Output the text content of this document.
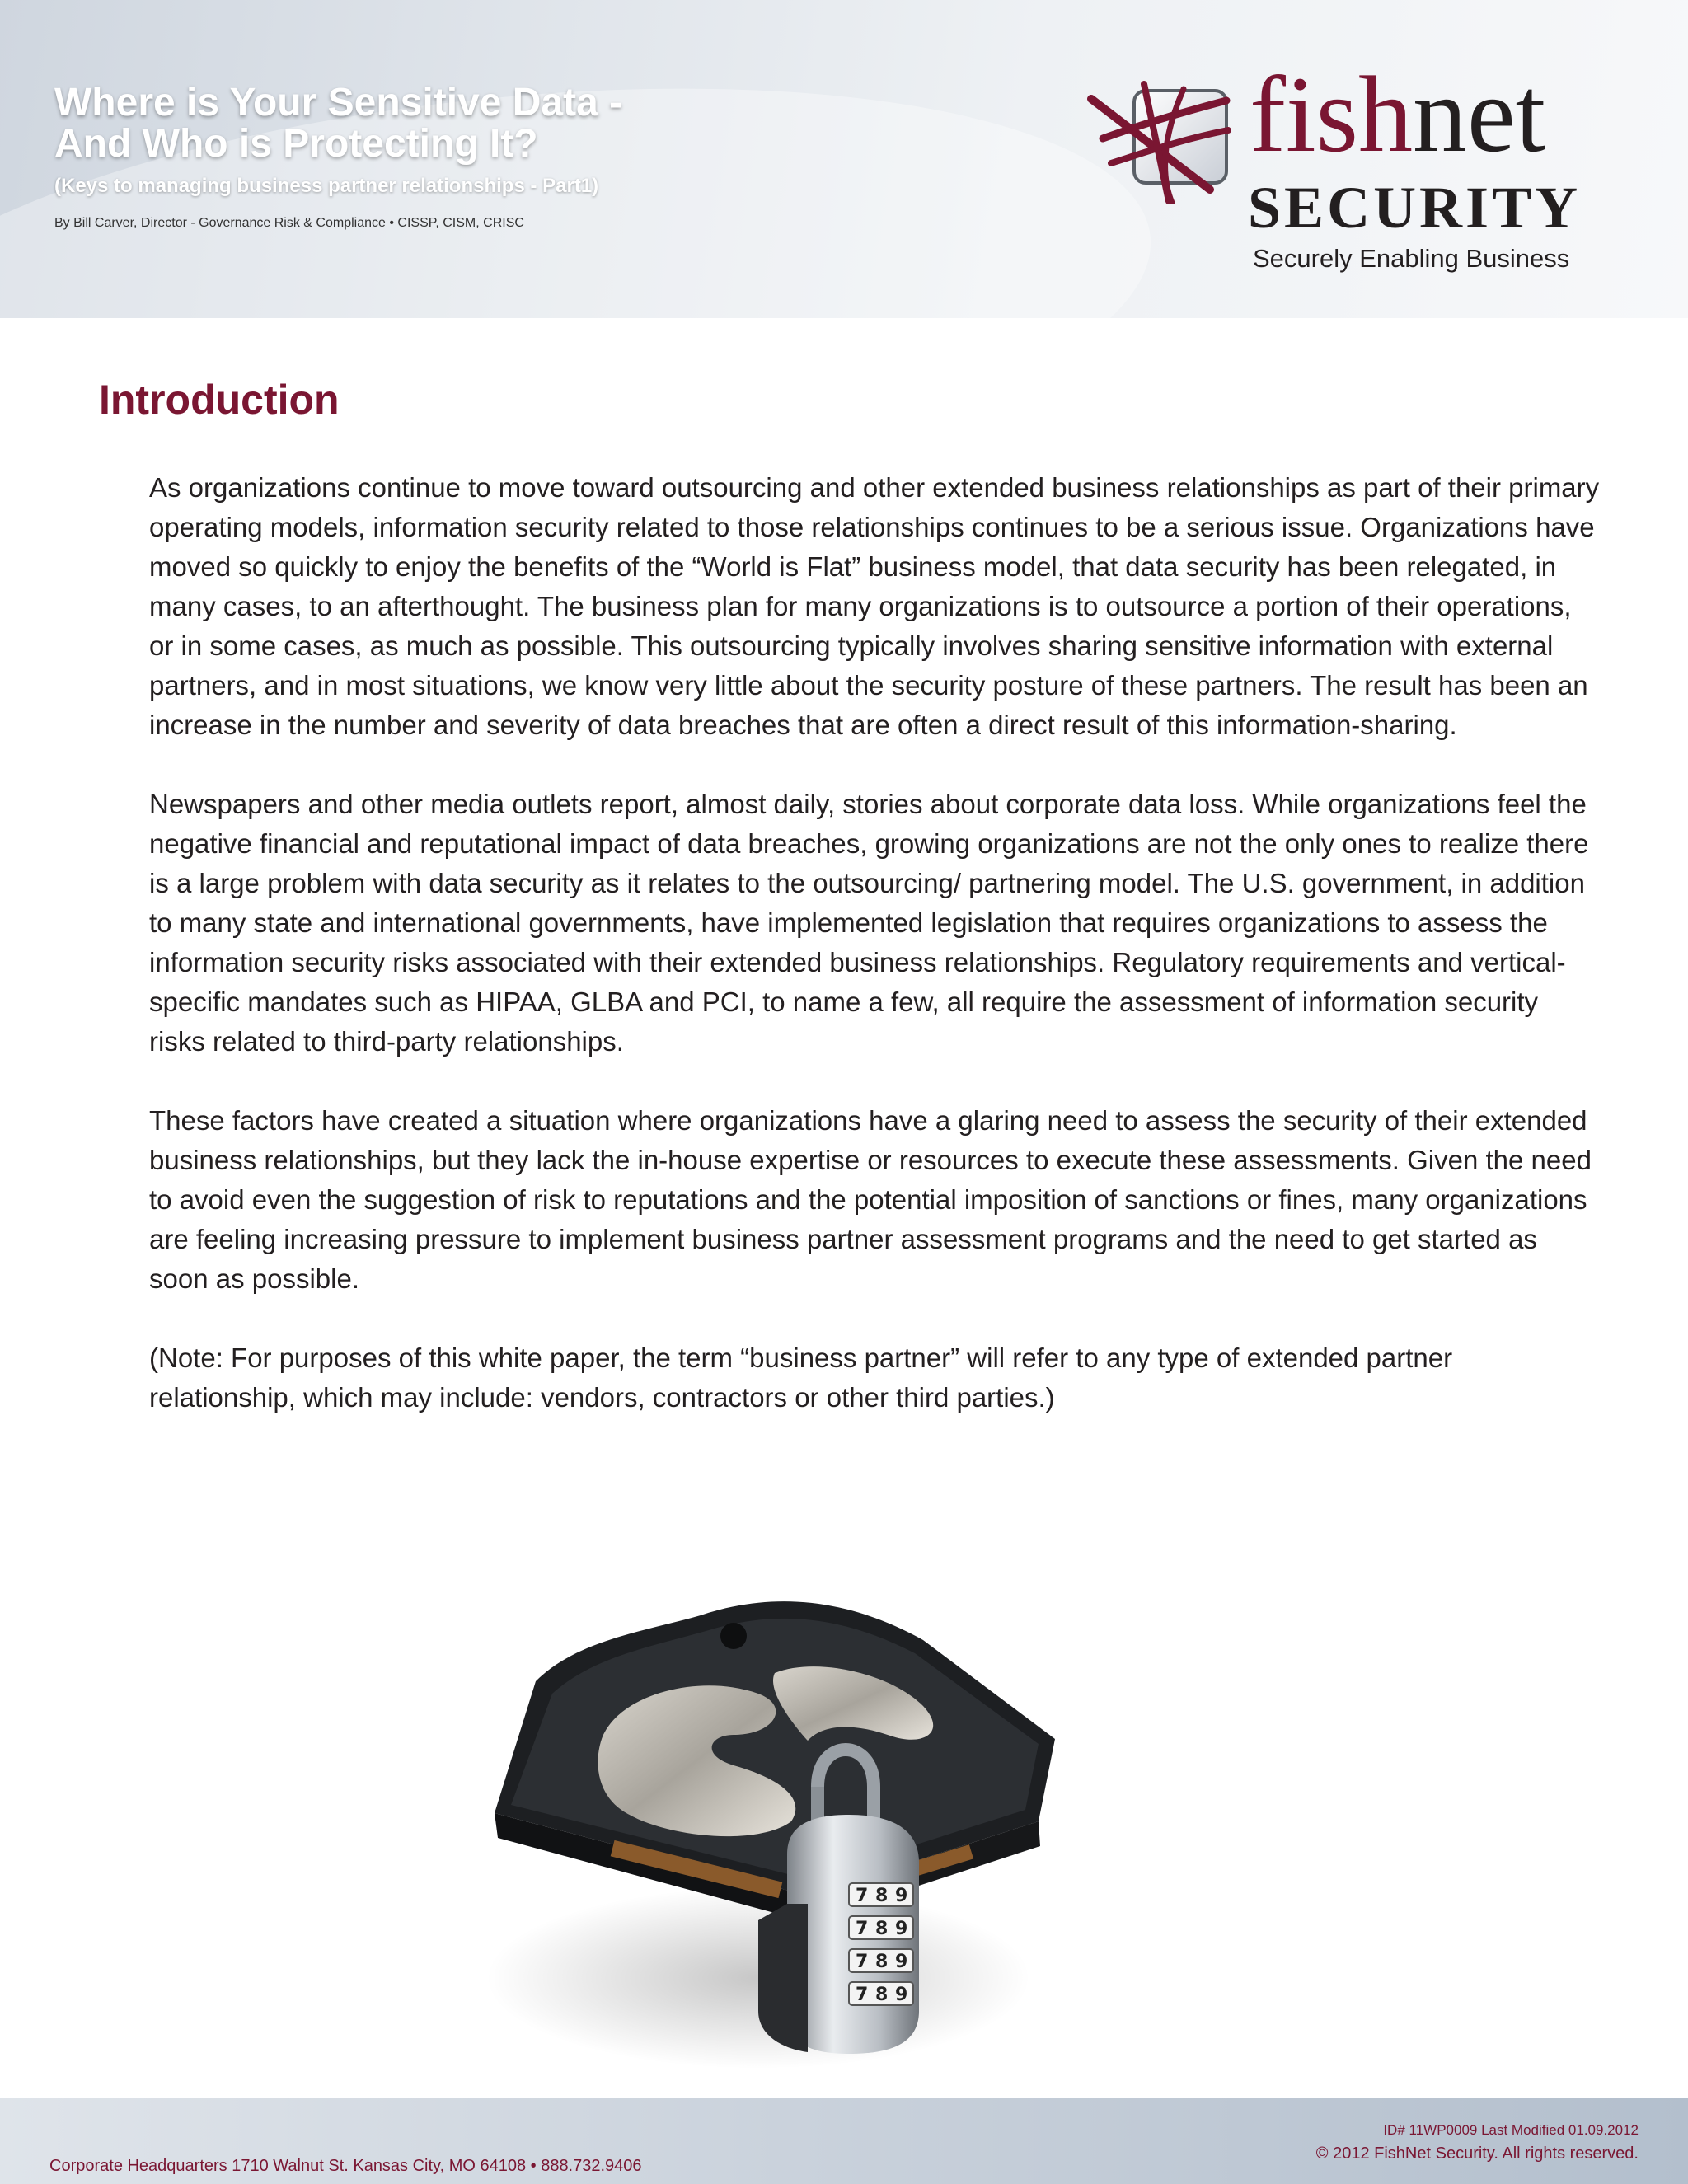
Where is Your Sensitive Data -
And Who is Protecting It?

(Keys to managing business partner relationships - Part1)

By Bill Carver, Director - Governance Risk & Compliance • CISSP, CISM, CRISC

fishnet
SECURITY
Securely Enabling Business
Introduction

As organizations continue to move toward outsourcing and other extended business relationships as part of their primary operating models, information security related to those relationships continues to be a serious issue. Organizations have moved so quickly to enjoy the benefits of the “World is Flat” business model, that data security has been relegated, in many cases, to an afterthought. The business plan for many organizations is to outsource a portion of their operations, or in some cases, as much as possible. This outsourcing typically involves sharing sensitive information with external partners, and in most situations, we know very little about the security posture of these partners. The result has been an increase in the number and severity of data breaches that are often a direct result of this information-sharing.

Newspapers and other media outlets report, almost daily, stories about corporate data loss. While organizations feel the negative financial and reputational impact of data breaches, growing organizations are not the only ones to realize there is a large problem with data security as it relates to the outsourcing/ partnering model. The U.S. government, in addition to many state and international governments, have implemented legislation that requires organizations to assess the information security risks associated with their extended business relationships. Regulatory requirements and vertical-specific mandates such as HIPAA, GLBA and PCI, to name a few, all require the assessment of information security risks related to third-party relationships.

These factors have created a situation where organizations have a glaring need to assess the security of their extended business relationships, but they lack the in-house expertise or resources to execute these assessments. Given the need to avoid even the suggestion of risk to reputations and the potential imposition of sanctions or fines, many organizations are feeling increasing pressure to implement business partner assessment programs and the need to get started as soon as possible.

(Note: For purposes of this white paper, the term “business partner” will refer to any type of extended partner relationship, which may include: vendors, contractors or other third parties.)

7 8 9
7 8 9
7 8 9
7 8 9
Corporate Headquarters 1710 Walnut St. Kansas City, MO 64108 • 888.732.9406
ID# 11WP0009 Last Modified 01.09.2012
© 2012 FishNet Security. All rights reserved.
